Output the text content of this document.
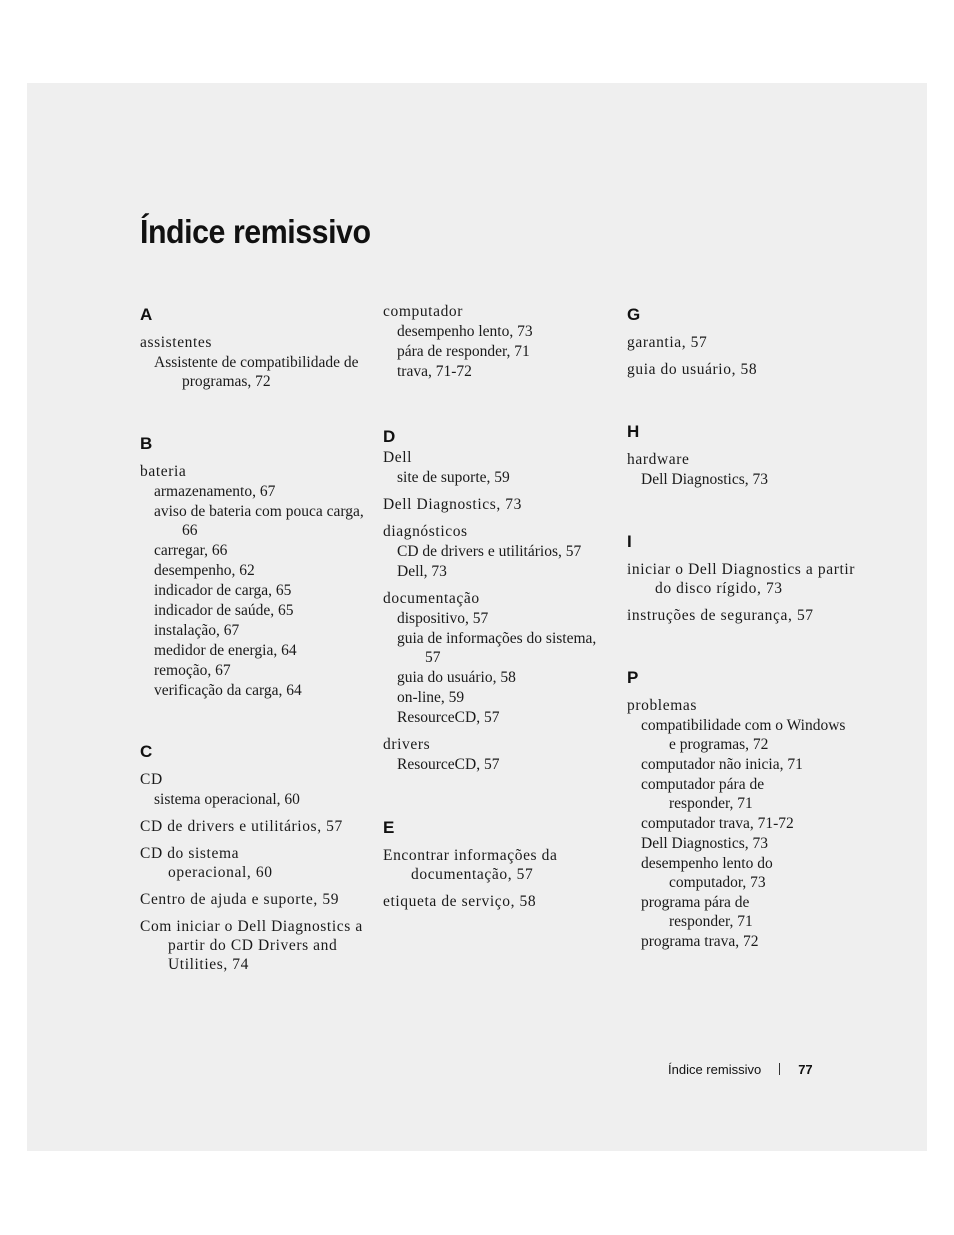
Índice remissivo
A
assistentes
Assistente de compatibilidade de programas, 72
B
bateria
armazenamento, 67
aviso de bateria com pouca carga, 66
carregar, 66
desempenho, 62
indicador de carga, 65
indicador de saúde, 65
instalação, 67
medidor de energia, 64
remoção, 67
verificação da carga, 64
C
CD
sistema operacional, 60
CD de drivers e utilitários, 57
CD do sistema operacional, 60
Centro de ajuda e suporte, 59
Com iniciar o Dell Diagnostics a partir do CD Drivers and Utilities, 74
computador
desempenho lento, 73
pára de responder, 71
trava, 71-72
D
Dell
site de suporte, 59
Dell Diagnostics, 73
diagnósticos
CD de drivers e utilitários, 57
Dell, 73
documentação
dispositivo, 57
guia de informações do sistema, 57
guia do usuário, 58
on-line, 59
ResourceCD, 57
drivers
ResourceCD, 57
E
Encontrar informações da documentação, 57
etiqueta de serviço, 58
G
garantia, 57
guia do usuário, 58
H
hardware
Dell Diagnostics, 73
I
iniciar o Dell Diagnostics a partir do disco rígido, 73
instruções de segurança, 57
P
problemas
compatibilidade com o Windows e programas, 72
computador não inicia, 71
computador pára de responder, 71
computador trava, 71-72
Dell Diagnostics, 73
desempenho lento do computador, 73
programa pára de responder, 71
programa trava, 72
Índice remissivo	77
